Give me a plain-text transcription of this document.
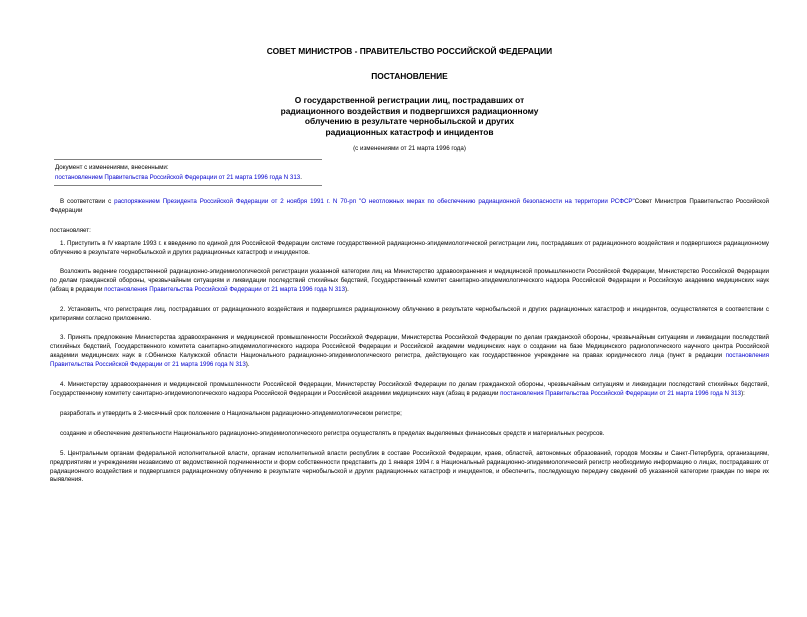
СОВЕТ МИНИСТРОВ - ПРАВИТЕЛЬСТВО РОССИЙСКОЙ ФЕДЕРАЦИИ
ПОСТАНОВЛЕНИЕ
О государственной регистрации лиц, пострадавших от
радиационного воздействия и подвергшихся радиационному
облучению в результате чернобыльской и других
радиационных катастроф и инцидентов
(с изменениями от 21 марта 1996 года)
Документ с изменениями, внесенными:
постановлением Правительства Российской Федерации от 21 марта 1996 года N 313.

В соответствии с распоряжением Президента Российской Федерации от 2 ноября 1991 г. N 70-рп "О неотложных мерах по обеспечению радиационной безопасности на территории РСФСР"Совет Министров Правительство Российской Федерации

постановляет:

1. Приступить в IV квартале 1993 г. к введению по единой для Российской Федерации системе государственной радиационно-эпидемиологической регистрации лиц, пострадавших от радиационного воздействия и подвергшихся радиационному облучению в результате чернобыльской и других радиационных катастроф и инцидентов.

Возложить ведение государственной радиационно-эпидемиологической регистрации указанной категории лиц на Министерство здравоохранения и медицинской промышленности Российской Федерации, Министерство Российской Федерации по делам гражданской обороны, чрезвычайным ситуациям и ликвидации последствий стихийных бедствий, Государственный комитет санитарно-эпидемиологического надзора Российской Федерации и Российскую академию медицинских наук (абзац в редакции постановления Правительства Российской Федерации от 21 марта 1996 года N 313).

2. Установить, что регистрация лиц, пострадавших от радиационного воздействия и подвергшихся радиационному облучению в результате чернобыльской и других радиационных катастроф и инцидентов, осуществляется в соответствии с критериями согласно приложению.

3. Принять предложение Министерства здравоохранения и медицинской промышленности Российской Федерации, Министерства Российской Федерации по делам гражданской обороны, чрезвычайным ситуациям и ликвидации последствий стихийных бедствий, Государственного комитета санитарно-эпидемиологического надзора Российской Федерации и Российской академии медицинских наук о создании на базе Медицинского радиологического научного центра Российской академии медицинских наук в г.Обнинске Калужской области Национального радиационно-эпидемиологического регистра, действующего как государственное учреждение на правах юридического лица (пункт в редакции постановления Правительства Российской Федерации от 21 марта 1996 года N 313).

4. Министерству здравоохранения и медицинской промышленности Российской Федерации, Министерству Российской Федерации по делам гражданской обороны, чрезвычайным ситуациям и ликвидации последствий стихийных бедствий, Государственному комитету санитарно-эпидемиологического надзора Российской Федерации и Российской академии медицинских наук (абзац в редакции постановления Правительства Российской Федерации от 21 марта 1996 года N 313):

разработать и утвердить в 2-месячный срок положение о Национальном радиационно-эпидемиологическом регистре;

создание и обеспечение деятельности Национального радиационно-эпидемиологического регистра осуществлять в пределах выделяемых финансовых средств и материальных ресурсов.

5. Центральным органам федеральной исполнительной власти, органам исполнительной власти республик в составе Российской Федерации, краев, областей, автономных образований, городов Москвы и Санкт-Петербурга, организациям, предприятиям и учреждениям независимо от ведомственной подчиненности и форм собственности представить до 1 января 1994 г. в Национальный радиационно-эпидемиологический регистр необходимую информацию о лицах, пострадавших от радиационного воздействия и подвергшихся радиационному облучению в результате чернобыльской и других радиационных катастроф и инцидентов, и обеспечить, последующую передачу сведений об указанной категории граждан по мере их выявления.
